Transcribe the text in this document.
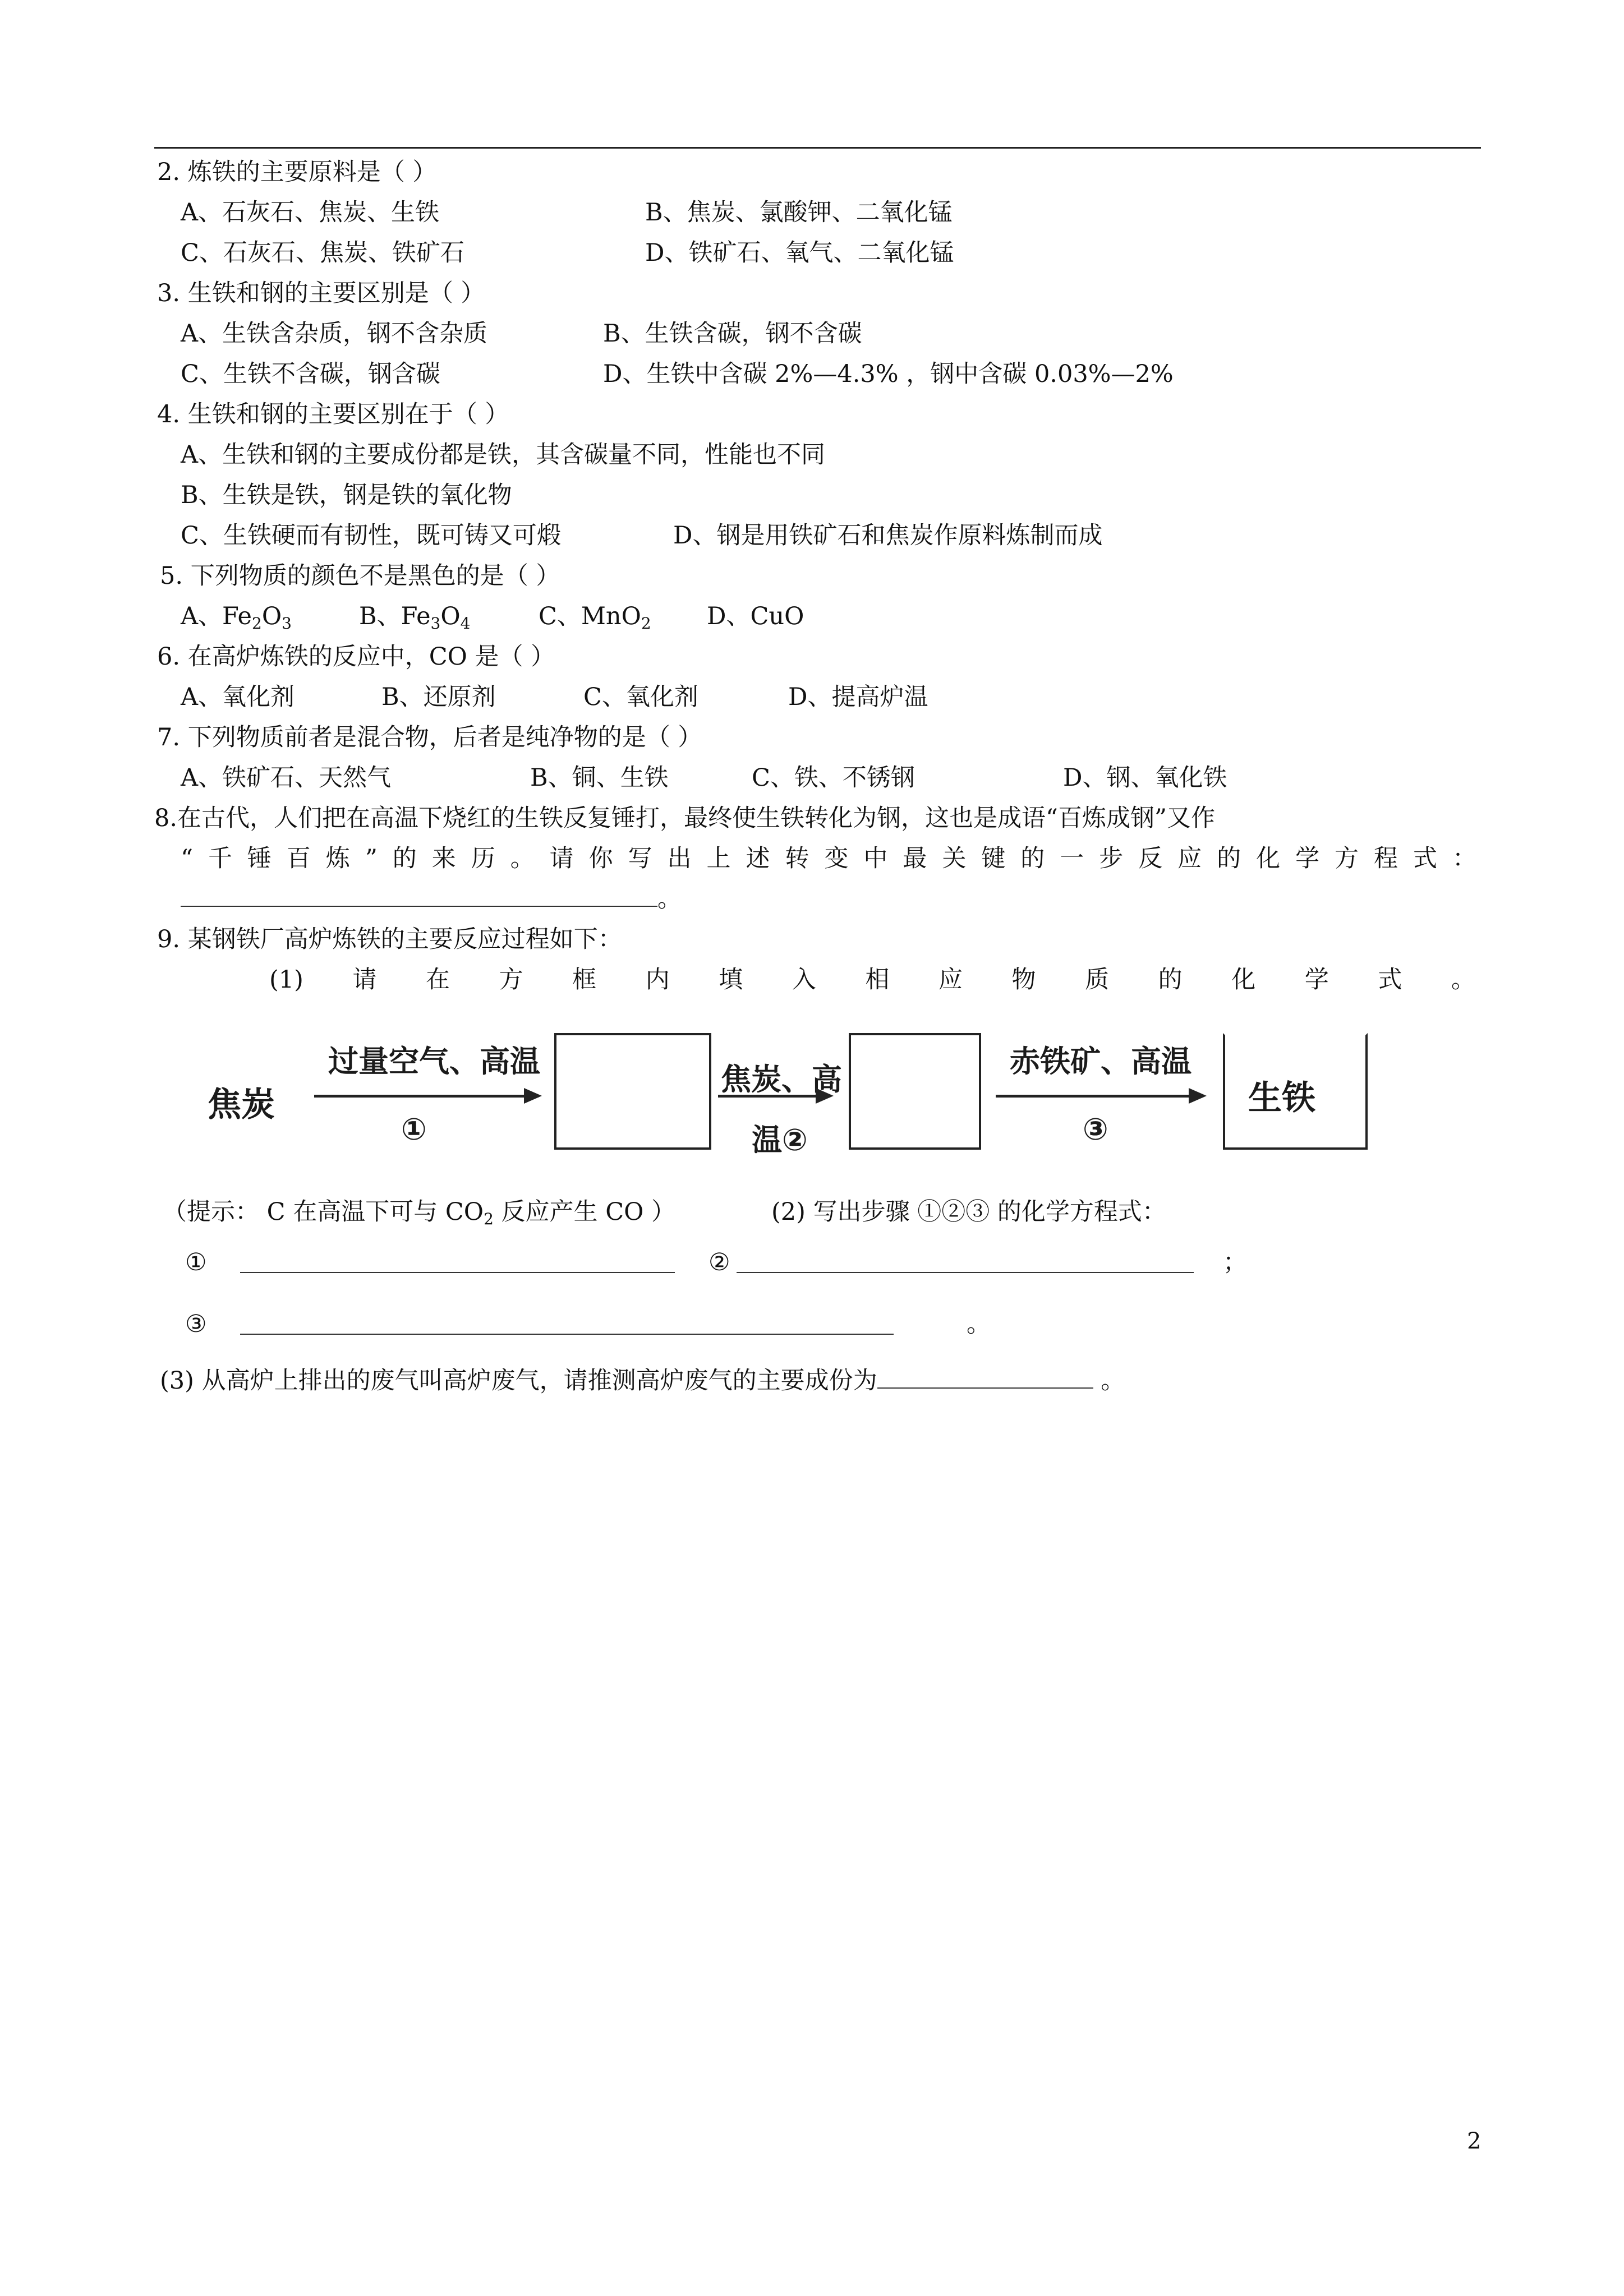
2. 炼铁的主要原料是（ ）
A、石灰石、焦炭、生铁	B、焦炭、氯酸钾、二氧化锰
C、石灰石、焦炭、铁矿石	D、铁矿石、氧气、二氧化锰
3. 生铁和钢的主要区别是（ ）
A、生铁含杂质，钢不含杂质	B、生铁含碳，钢不含碳
C、生铁不含碳，钢含碳	D、生铁中含碳 2%—4.3% ，钢中含碳 0.03%—2%
4. 生铁和钢的主要区别在于（ ）
A、生铁和钢的主要成份都是铁，其含碳量不同，性能也不同
B、生铁是铁，钢是铁的氧化物
C、生铁硬而有韧性，既可铸又可煅	D、钢是用铁矿石和焦炭作原料炼制而成
5. 下列物质的颜色不是黑色的是（ ）
A、$Fe_2O_3$	B、$Fe_3O_4$	C、MnO$_2$ D、CuO
6. 在高炉炼铁的反应中，CO 是（ ）
A、氧化剂	B、还原剂	C、氧化剂	D、提高炉温
7. 下列物质前者是混合物，后者是纯净物的是（ ）
A、铁矿石、天然气	B、铜、生铁	C、铁、不锈钢	D、钢、氧化铁
8.在古代，人们把在高温下烧红的生铁反复锤打，最终使生铁转化为钢，这也是成语“百炼成钢”又作
“ 千 锤 百 炼 ” 的 来 历 。 请 你 写 出 上 述 转 变 中 最 关 键 的 一 步 反 应 的 化 学 方 程 式 ：
。
9. 某钢铁厂高炉炼铁的主要反应过程如下：
(1) 请 在 方 框 内 填 入 相 应 物 质 的 化 学 式 。
焦炭
过量空气、高温
①
焦炭、高
温②
赤铁矿、高温
③
生铁
（提示： C 在高温下可与 $CO_2$ 反应产生 CO ）	(2) 写出步骤 ①②③ 的化学方程式：
①	②	；
③	。
(3) 从高炉上排出的废气叫高炉废气，请推测高炉废气的主要成份为	。
2
